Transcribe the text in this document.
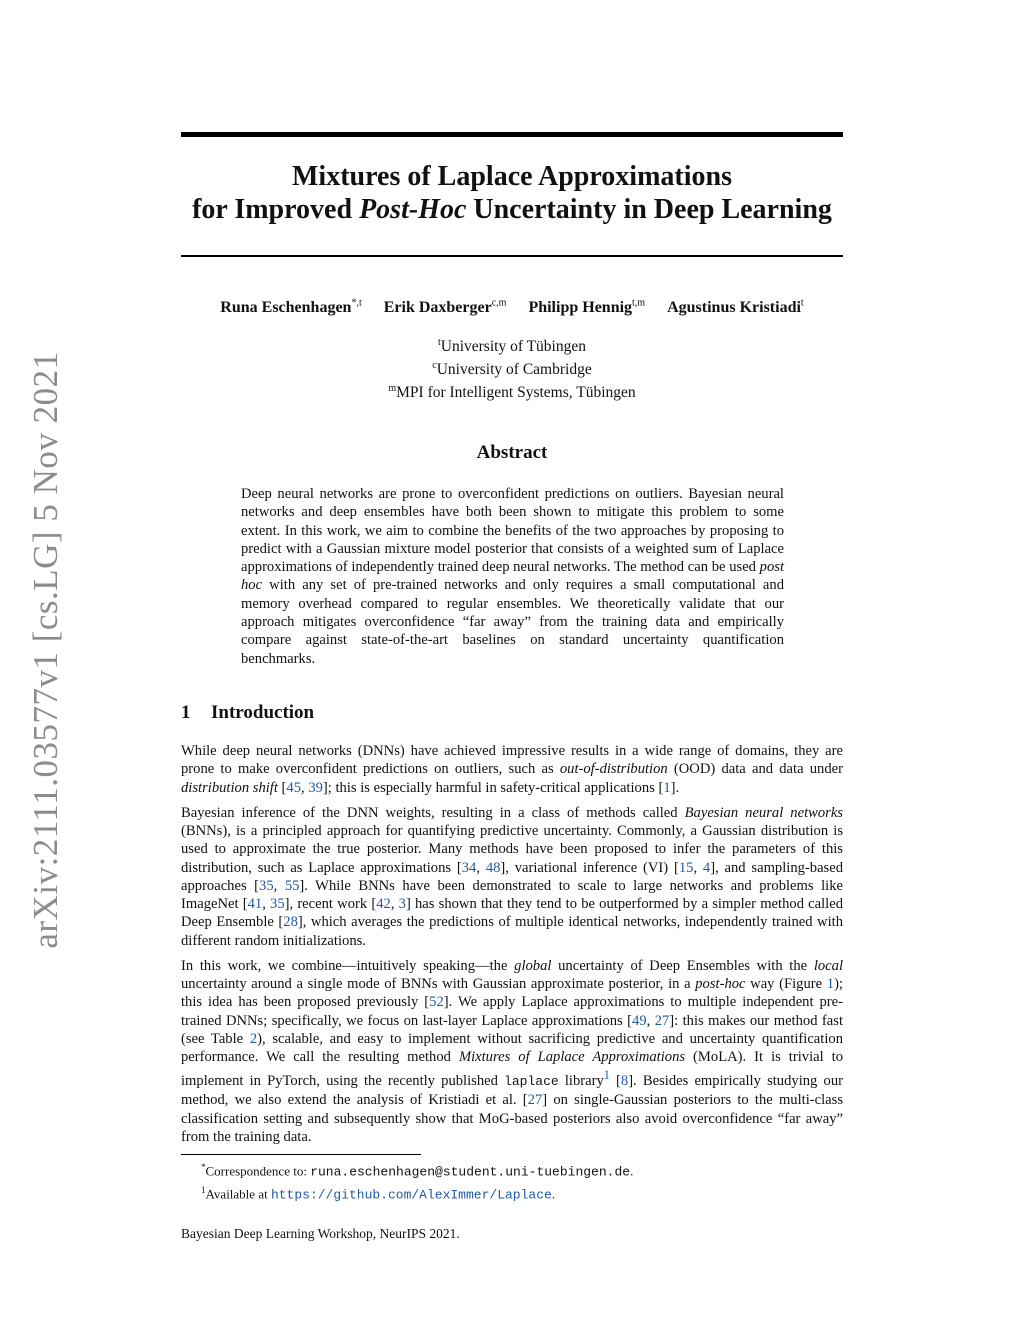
arXiv:2111.03577v1 [cs.LG] 5 Nov 2021
Mixtures of Laplace Approximations
for Improved Post-Hoc Uncertainty in Deep Learning
Runa Eschenhagen$^{*,t}$ Erik Daxberger$^{c,m}$ Philipp Hennig$^{t,m}$ Agustinus Kristiadi$^t$
$^t$University of Tübingen
$^c$University of Cambridge
$^m$MPI for Intelligent Systems, Tübingen
Abstract
Deep neural networks are prone to overconfident predictions on outliers. Bayesian neural networks and deep ensembles have both been shown to mitigate this problem to some extent. In this work, we aim to combine the benefits of the two approaches by proposing to predict with a Gaussian mixture model posterior that consists of a weighted sum of Laplace approximations of independently trained deep neural networks. The method can be used post hoc with any set of pre-trained networks and only requires a small computational and memory overhead compared to regular ensembles. We theoretically validate that our approach mitigates overconfidence “far away” from the training data and empirically compare against state-of-the-art baselines on standard uncertainty quantification benchmarks.
1 Introduction

While deep neural networks (DNNs) have achieved impressive results in a wide range of domains, they are prone to make overconfident predictions on outliers, such as out-of-distribution (OOD) data and data under distribution shift [45, 39]; this is especially harmful in safety-critical applications [1].

Bayesian inference of the DNN weights, resulting in a class of methods called Bayesian neural networks (BNNs), is a principled approach for quantifying predictive uncertainty. Commonly, a Gaussian distribution is used to approximate the true posterior. Many methods have been proposed to infer the parameters of this distribution, such as Laplace approximations [34, 48], variational inference (VI) [15, 4], and sampling-based approaches [35, 55]. While BNNs have been demonstrated to scale to large networks and problems like ImageNet [41, 35], recent work [42, 3] has shown that they tend to be outperformed by a simpler method called Deep Ensemble [28], which averages the predictions of multiple identical networks, independently trained with different random initializations.

In this work, we combine—intuitively speaking—the global uncertainty of Deep Ensembles with the local uncertainty around a single mode of BNNs with Gaussian approximate posterior, in a post-hoc way (Figure 1); this idea has been proposed previously [52]. We apply Laplace approximations to multiple independent pre-trained DNNs; specifically, we focus on last-layer Laplace approximations [49, 27]: this makes our method fast (see Table 2), scalable, and easy to implement without sacrificing predictive and uncertainty quantification performance. We call the resulting method Mixtures of Laplace Approximations (MoLA). It is trivial to implement in PyTorch, using the recently published laplace library$^1$ [8]. Besides empirically studying our method, we also extend the analysis of Kristiadi et al. [27] on single-Gaussian posteriors to the multi-class classification setting and subsequently show that MoG-based posteriors also avoid overconfidence “far away” from the training data.

*Correspondence to: runa.eschenhagen@student.uni-tuebingen.de.
$^1$Available at https://github.com/AlexImmer/Laplace.
Bayesian Deep Learning Workshop, NeurIPS 2021.
